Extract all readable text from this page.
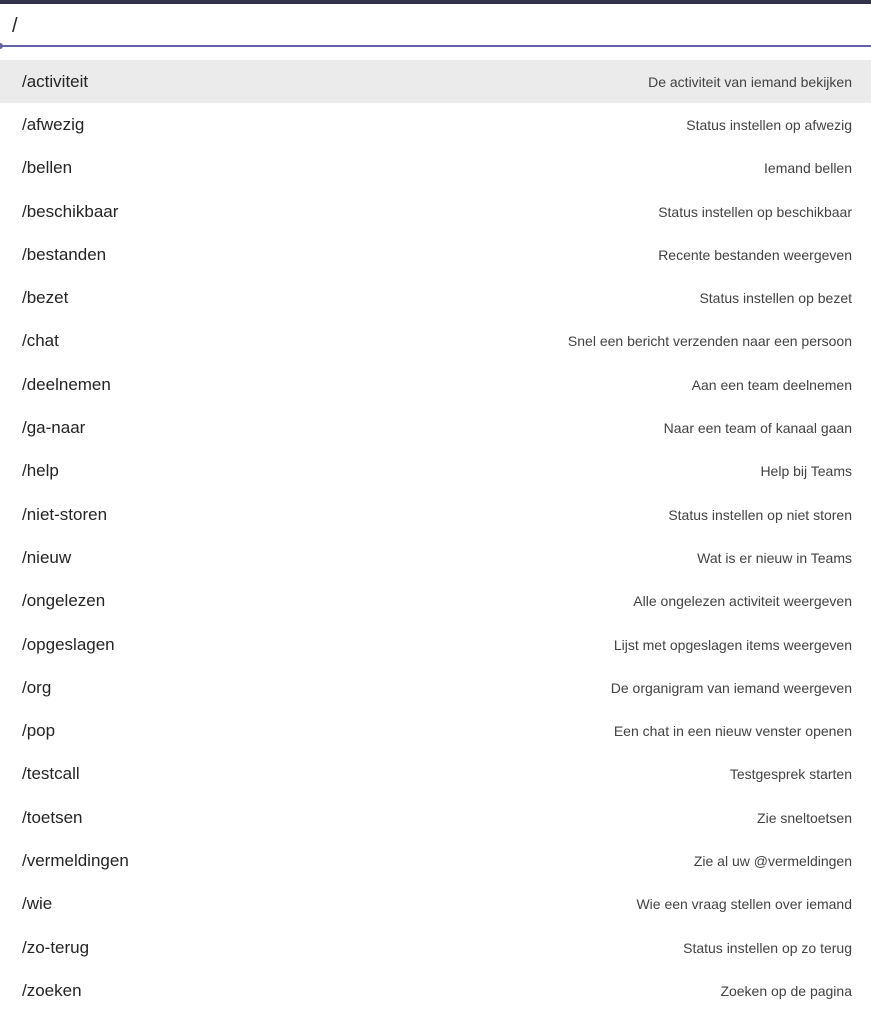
/
/activiteit	De activiteit van iemand bekijken
/afwezig	Status instellen op afwezig
/bellen	Iemand bellen
/beschikbaar	Status instellen op beschikbaar
/bestanden	Recente bestanden weergeven
/bezet	Status instellen op bezet
/chat	Snel een bericht verzenden naar een persoon
/deelnemen	Aan een team deelnemen
/ga-naar	Naar een team of kanaal gaan
/help	Help bij Teams
/niet-storen	Status instellen op niet storen
/nieuw	Wat is er nieuw in Teams
/ongelezen	Alle ongelezen activiteit weergeven
/opgeslagen	Lijst met opgeslagen items weergeven
/org	De organigram van iemand weergeven
/pop	Een chat in een nieuw venster openen
/testcall	Testgesprek starten
/toetsen	Zie sneltoetsen
/vermeldingen	Zie al uw @vermeldingen
/wie	Wie een vraag stellen over iemand
/zo-terug	Status instellen op zo terug
/zoeken	Zoeken op de pagina
